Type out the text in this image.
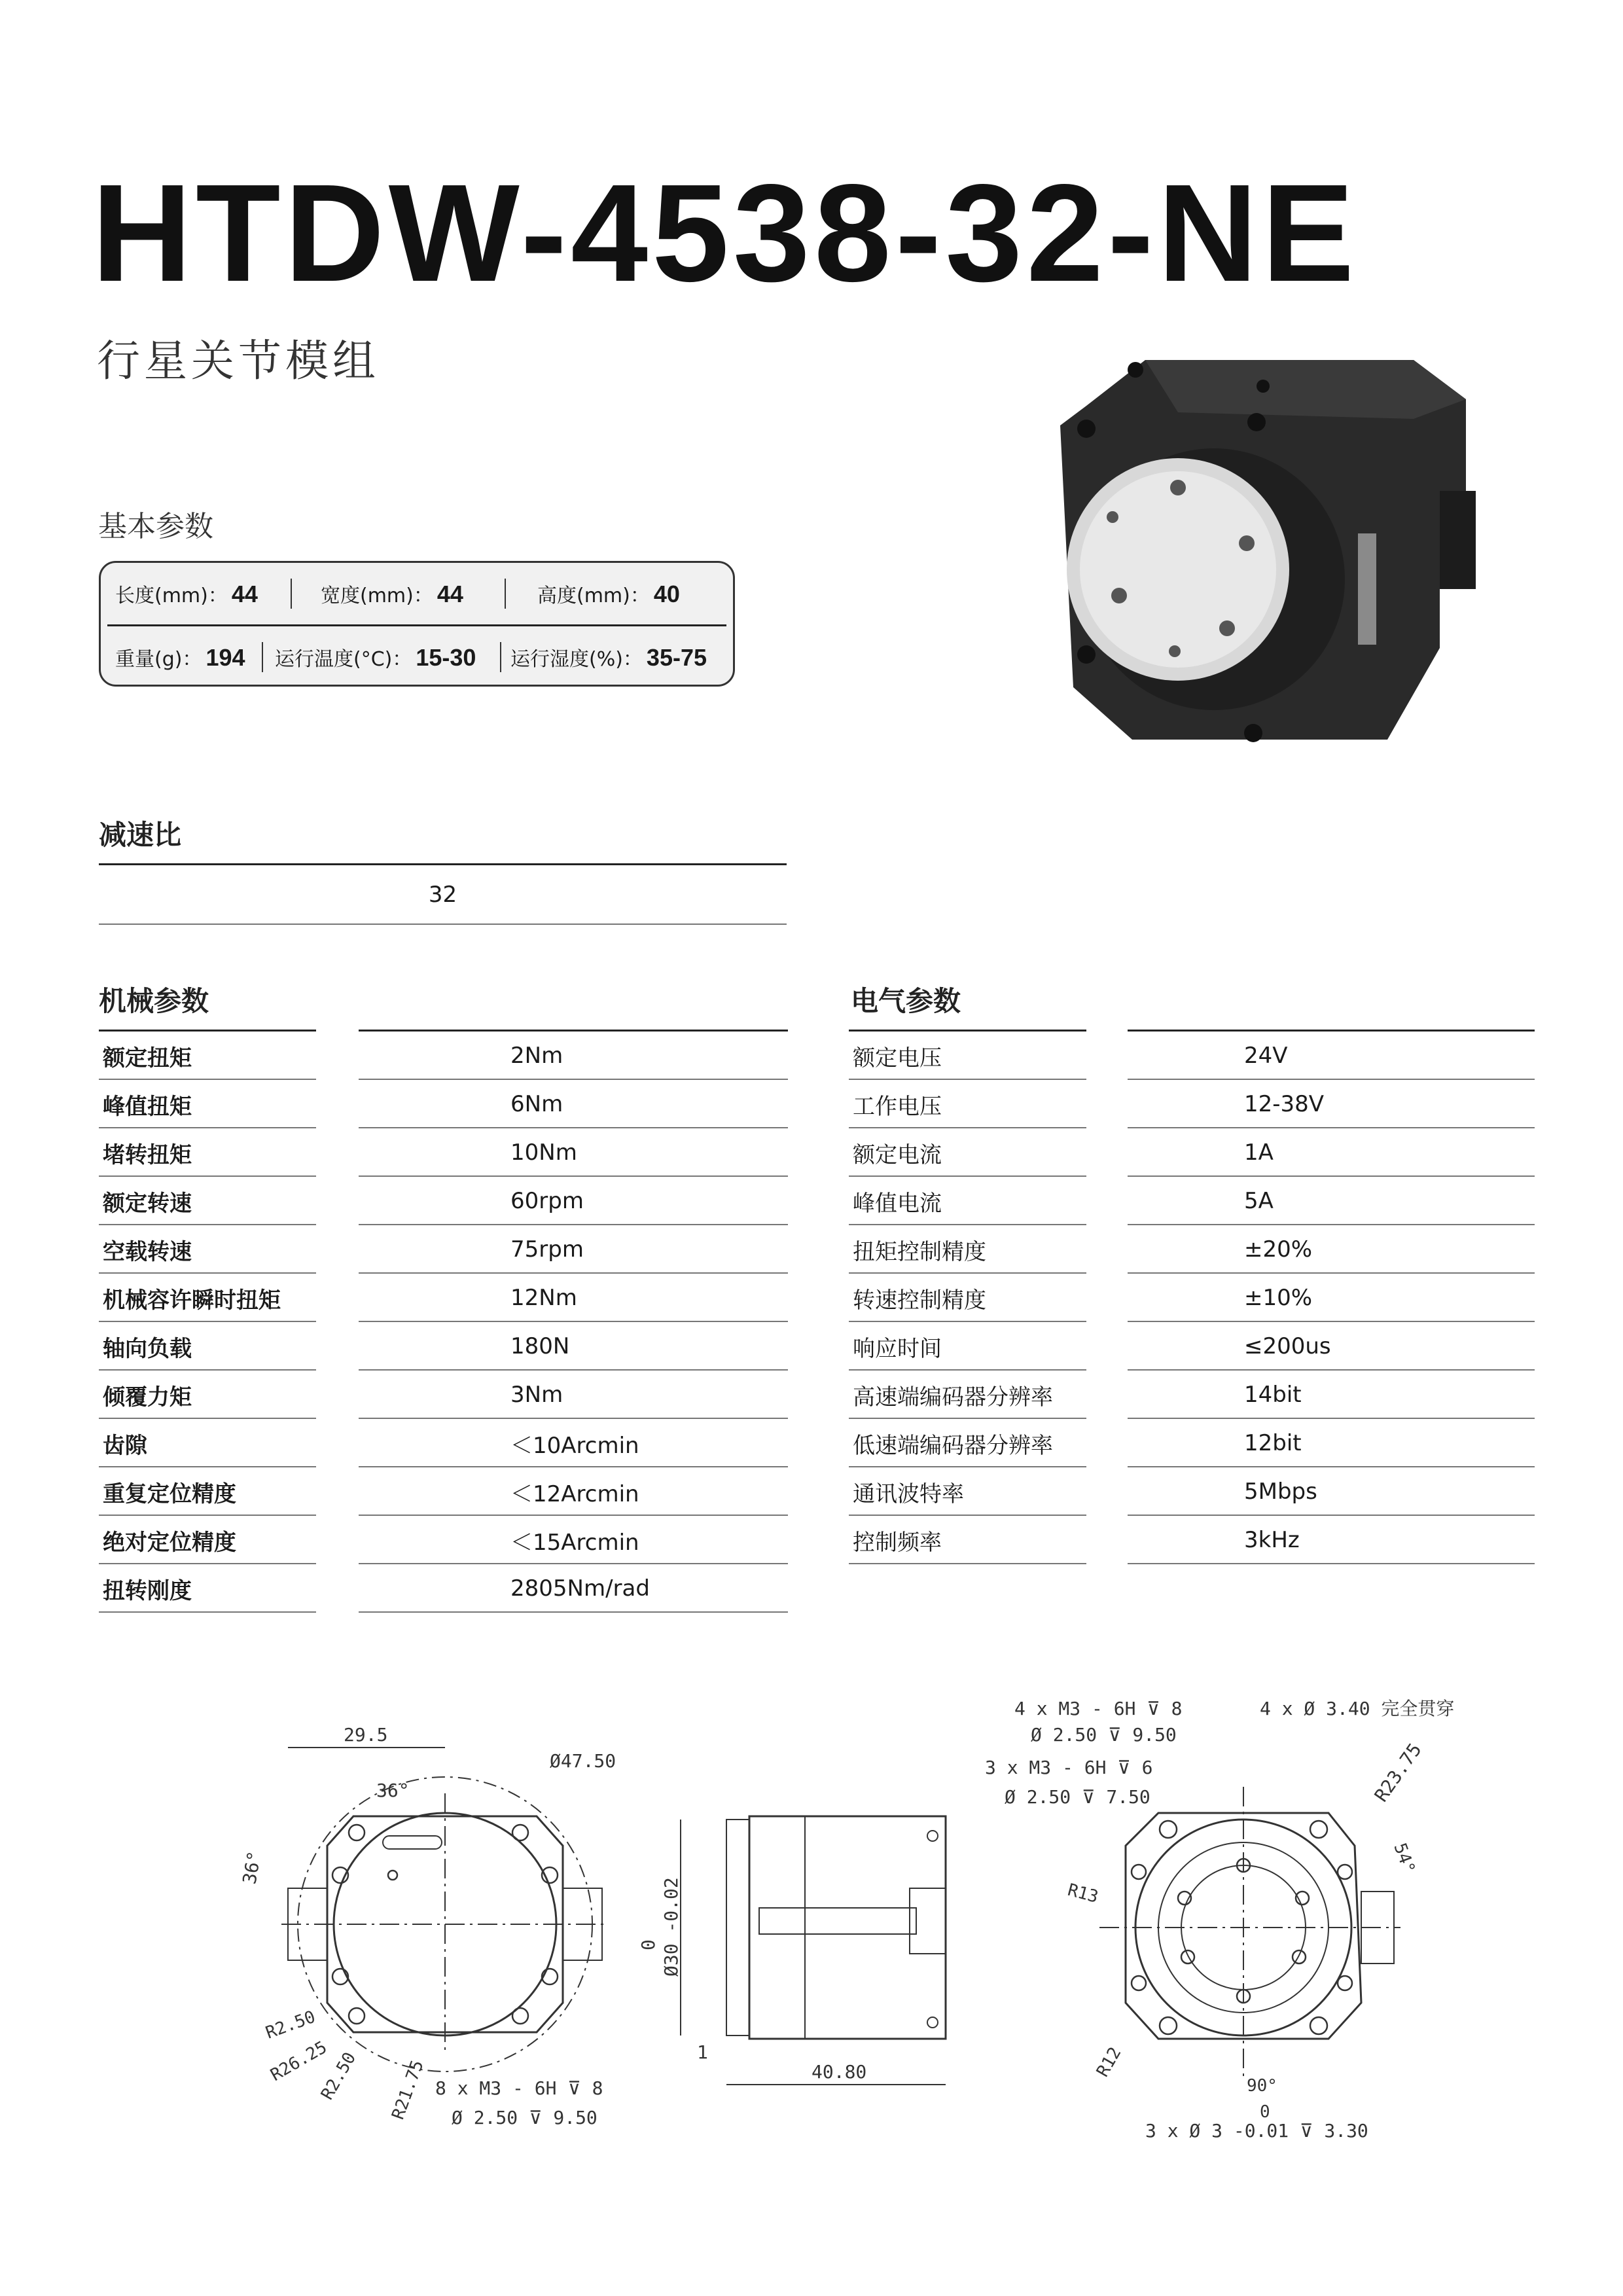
HTDW-4538-32-NE
行星关节模组
基本参数
长度(mm)： 44	宽度(mm)： 44	高度(mm)： 40
重量(g)： 194	运行温度(°C)： 15-30	运行湿度(%)： 35-75
减速比
32
机械参数	电气参数
额定扭矩	2Nm
峰值扭矩	6Nm
堵转扭矩	10Nm
额定转速	60rpm
空载转速	75rpm
机械容许瞬时扭矩	12Nm
轴向负载	180N
倾覆力矩	3Nm
齿隙	＜10Arcmin
重复定位精度	＜12Arcmin
绝对定位精度	＜15Arcmin
扭转刚度	2805Nm/rad
额定电压	24V
工作电压	12-38V
额定电流	1A
峰值电流	5A
扭矩控制精度	±20%
转速控制精度	±10%
响应时间	≤200us
高速端编码器分辨率	14bit
低速端编码器分辨率	12bit
通讯波特率	5Mbps
控制频率	3kHz
29.5
36°
Ø47.50
36°
R2.50
R26.25
R2.50 R21.75 8 x M3 - 6H ⊽ 8
Ø 2.50 ⊽ 9.50
0 Ø30 -0.02
1
40.80
4 x M3 - 6H ⊽ 8
Ø 2.50 ⊽ 9.50
4 x Ø 3.40 完全贯穿
3 x M3 - 6H ⊽ 6
Ø 2.50 ⊽ 7.50	R23.75
54°
R13
R12
90°
0
3 x Ø 3 -0.01 ⊽ 3.30
